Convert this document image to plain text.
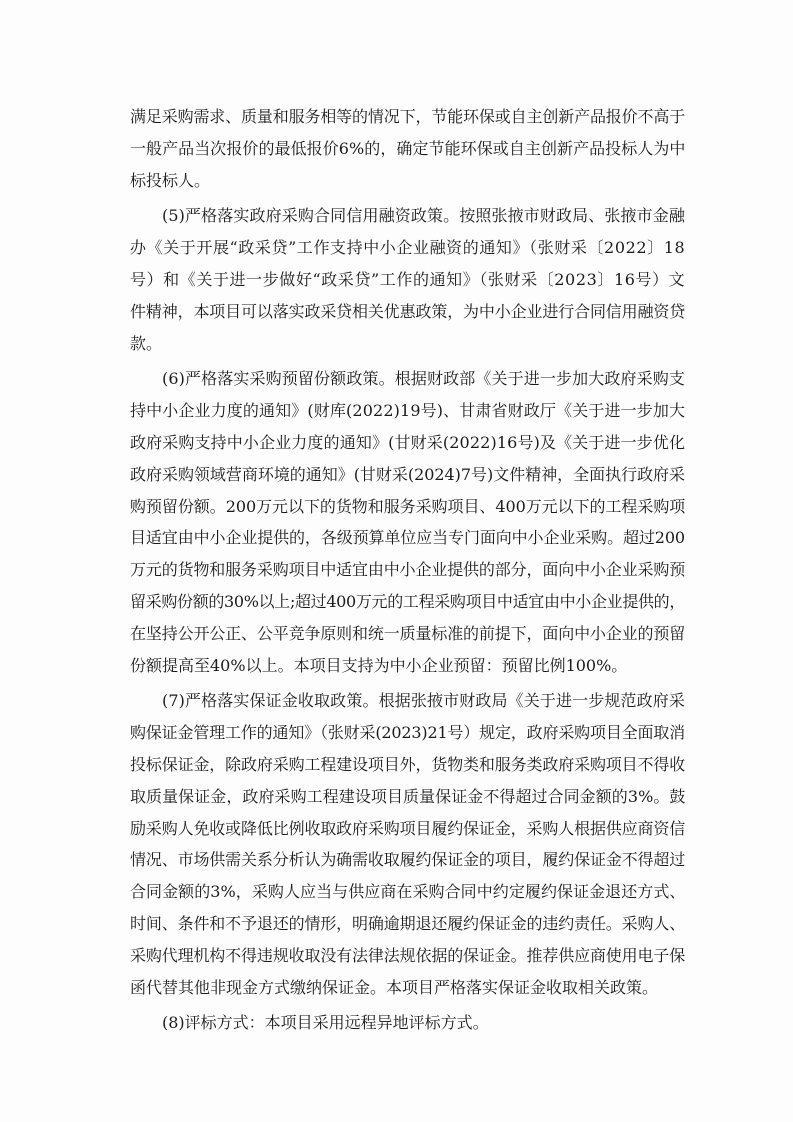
满足采购需求、质量和服务相等的情况下，节能环保或自主创新产品报价不高于
一般产品当次报价的最低报价6%的，确定节能环保或自主创新产品投标人为中
标投标人。
(5)严格落实政府采购合同信用融资政策。按照张掖市财政局、张掖市金融
办《关于开展“政采贷”工作支持中小企业融资的通知》（张财采〔2022〕18
号）和《关于进一步做好“政采贷”工作的通知》（张财采〔2023〕16号）文
件精神，本项目可以落实政采贷相关优惠政策，为中小企业进行合同信用融资贷
款。
(6)严格落实采购预留份额政策。根据财政部《关于进一步加大政府采购支
持中小企业力度的通知》(财库(2022)19号)、甘肃省财政厅《关于进一步加大
政府采购支持中小企业力度的通知》(甘财采(2022)16号)及《关于进一步优化
政府采购领域营商环境的通知》(甘财采(2024)7号)文件精神，全面执行政府采
购预留份额。200万元以下的货物和服务采购项目、400万元以下的工程采购项
目适宜由中小企业提供的，各级预算单位应当专门面向中小企业采购。超过200
万元的货物和服务采购项目中适宜由中小企业提供的部分，面向中小企业采购预
留采购份额的30%以上;超过400万元的工程采购项目中适宜由中小企业提供的，
在坚持公开公正、公平竞争原则和统一质量标准的前提下，面向中小企业的预留
份额提高至40%以上。本项目支持为中小企业预留：预留比例100%。
(7)严格落实保证金收取政策。根据张掖市财政局《关于进一步规范政府采
购保证金管理工作的通知》（张财采(2023)21号）规定，政府采购项目全面取消
投标保证金，除政府采购工程建设项目外，货物类和服务类政府采购项目不得收
取质量保证金，政府采购工程建设项目质量保证金不得超过合同金额的3%。鼓
励采购人免收或降低比例收取政府采购项目履约保证金，采购人根据供应商资信
情况、市场供需关系分析认为确需收取履约保证金的项目，履约保证金不得超过
合同金额的3%，采购人应当与供应商在采购合同中约定履约保证金退还方式、
时间、条件和不予退还的情形，明确逾期退还履约保证金的违约责任。采购人、
采购代理机构不得违规收取没有法律法规依据的保证金。推荐供应商使用电子保
函代替其他非现金方式缴纳保证金。本项目严格落实保证金收取相关政策。
(8)评标方式：本项目采用远程异地评标方式。
